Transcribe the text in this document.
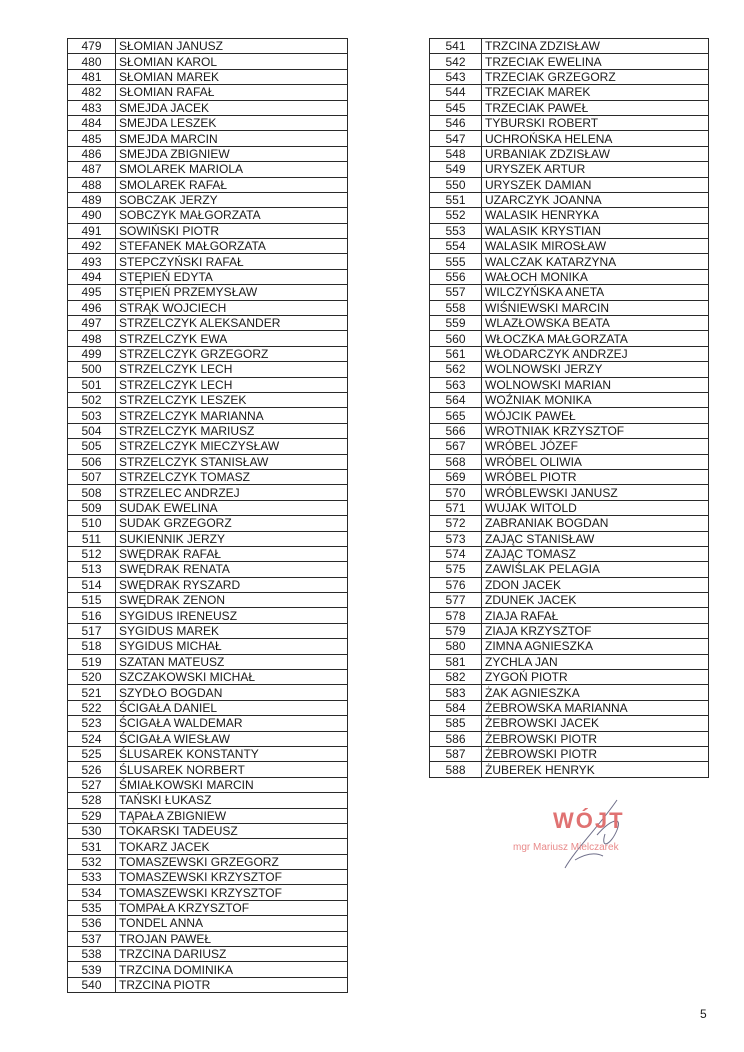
479	SŁOMIAN JANUSZ
480	SŁOMIAN KAROL
481	SŁOMIAN MAREK
482	SŁOMIAN RAFAŁ
483	SMEJDA JACEK
484	SMEJDA LESZEK
485	SMEJDA MARCIN
486	SMEJDA ZBIGNIEW
487	SMOLAREK MARIOLA
488	SMOLAREK RAFAŁ
489	SOBCZAK JERZY
490	SOBCZYK MAŁGORZATA
491	SOWIŃSKI PIOTR
492	STEFANEK MAŁGORZATA
493	STEPCZYŃSKI RAFAŁ
494	STĘPIEŃ EDYTA
495	STĘPIEŃ PRZEMYSŁAW
496	STRĄK WOJCIECH
497	STRZELCZYK ALEKSANDER
498	STRZELCZYK EWA
499	STRZELCZYK GRZEGORZ
500	STRZELCZYK LECH
501	STRZELCZYK LECH
502	STRZELCZYK LESZEK
503	STRZELCZYK MARIANNA
504	STRZELCZYK MARIUSZ
505	STRZELCZYK MIECZYSŁAW
506	STRZELCZYK STANISŁAW
507	STRZELCZYK TOMASZ
508	STRZELEC ANDRZEJ
509	SUDAK EWELINA
510	SUDAK GRZEGORZ
511	SUKIENNIK JERZY
512	SWĘDRAK RAFAŁ
513	SWĘDRAK RENATA
514	SWĘDRAK RYSZARD
515	SWĘDRAK ZENON
516	SYGIDUS IRENEUSZ
517	SYGIDUS MAREK
518	SYGIDUS MICHAŁ
519	SZATAN MATEUSZ
520	SZCZAKOWSKI MICHAŁ
521	SZYDŁO BOGDAN
522	ŚCIGAŁA DANIEL
523	ŚCIGAŁA WALDEMAR
524	ŚCIGAŁA WIESŁAW
525	ŚLUSAREK KONSTANTY
526	ŚLUSAREK NORBERT
527	ŚMIAŁKOWSKI MARCIN
528	TAŃSKI ŁUKASZ
529	TĄPAŁA ZBIGNIEW
530	TOKARSKI TADEUSZ
531	TOKARZ JACEK
532	TOMASZEWSKI GRZEGORZ
533	TOMASZEWSKI KRZYSZTOF
534	TOMASZEWSKI KRZYSZTOF
535	TOMPAŁA KRZYSZTOF
536	TONDEL ANNA
537	TROJAN PAWEŁ
538	TRZCINA DARIUSZ
539	TRZCINA DOMINIKA
540	TRZCINA PIOTR
541	TRZCINA ZDZISŁAW
542	TRZECIAK EWELINA
543	TRZECIAK GRZEGORZ
544	TRZECIAK MAREK
545	TRZECIAK PAWEŁ
546	TYBURSKI ROBERT
547	UCHROŃSKA HELENA
548	URBANIAK ZDZISŁAW
549	URYSZEK ARTUR
550	URYSZEK DAMIAN
551	UZARCZYK JOANNA
552	WALASIK HENRYKA
553	WALASIK KRYSTIAN
554	WALASIK MIROSŁAW
555	WALCZAK KATARZYNA
556	WAŁOCH MONIKA
557	WILCZYŃSKA ANETA
558	WIŚNIEWSKI MARCIN
559	WLAZŁOWSKA BEATA
560	WŁOCZKA MAŁGORZATA
561	WŁODARCZYK ANDRZEJ
562	WOLNOWSKI JERZY
563	WOLNOWSKI MARIAN
564	WOŹNIAK MONIKA
565	WÓJCIK PAWEŁ
566	WROTNIAK KRZYSZTOF
567	WRÓBEL JÓZEF
568	WRÓBEL OLIWIA
569	WRÓBEL PIOTR
570	WRÓBLEWSKI JANUSZ
571	WUJAK WITOLD
572	ZABRANIAK BOGDAN
573	ZAJĄC STANISŁAW
574	ZAJĄC TOMASZ
575	ZAWIŚLAK PELAGIA
576	ZDON JACEK
577	ZDUNEK JACEK
578	ZIAJA RAFAŁ
579	ZIAJA KRZYSZTOF
580	ZIMNA AGNIESZKA
581	ZYCHLA JAN
582	ZYGOŃ PIOTR
583	ŻAK AGNIESZKA
584	ŻEBROWSKA MARIANNA
585	ŻEBROWSKI JACEK
586	ŻEBROWSKI PIOTR
587	ŻEBROWSKI PIOTR
588	ŻUBEREK HENRYK
WÓJT
mgr Mariusz Mielczarek
5
